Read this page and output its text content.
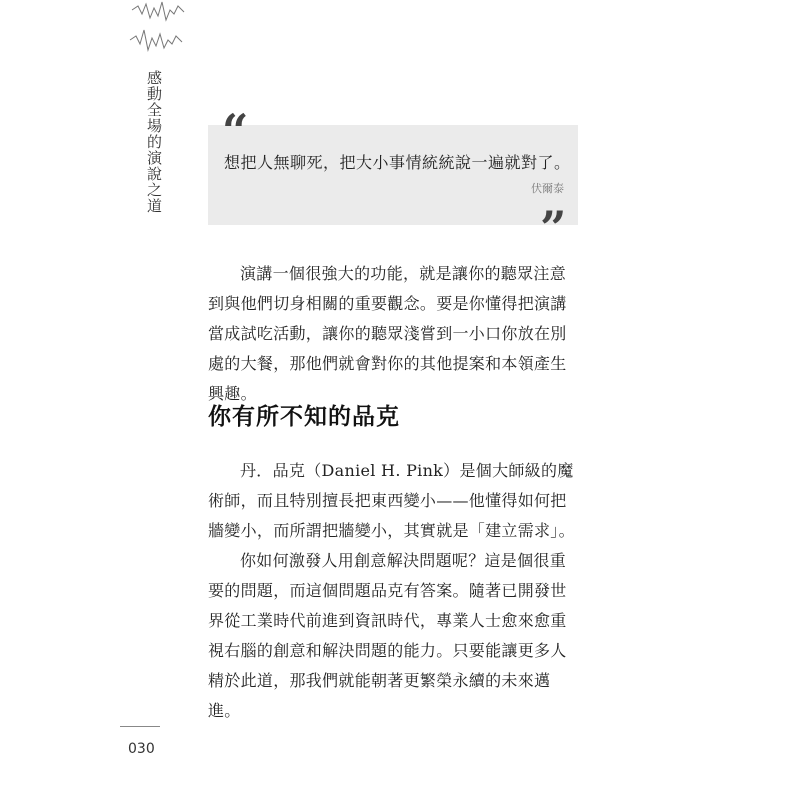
感動全場的演說之道 “
想把人無聊死，把大小事情統統說一遍就對了。
伏爾泰
”

演講一個很強大的功能，就是讓你的聽眾注意到與他們切身相關的重要觀念。要是你懂得把演講當成試吃活動，讓你的聽眾淺嘗到一小口你放在別處的大餐，那他們就會對你的其他提案和本領產生興趣。

你有所不知的品克

丹．品克（Daniel H. Pink）是個大師級的魔術師，而且特別擅長把東西變小——他懂得如何把牆變小，而所謂把牆變小，其實就是「建立需求」。

你如何激發人用創意解決問題呢？這是個很重要的問題，而這個問題品克有答案。隨著已開發世界從工業時代前進到資訊時代，專業人士愈來愈重視右腦的創意和解決問題的能力。只要能讓更多人精於此道，那我們就能朝著更繁榮永續的未來邁進。

030
